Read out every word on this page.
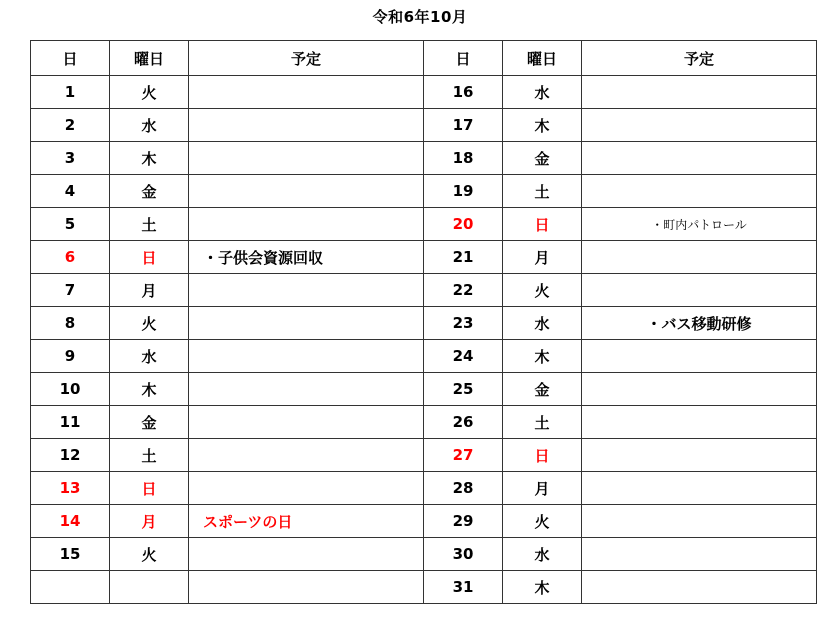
令和6年10月
日	曜日	予定	日	曜日	予定
1	火		16	水	
2	水		17	木	
3	木		18	金	
4	金		19	土	
5	土		20	日	・町内パトロール
6	日	・子供会資源回収	21	月	
7	月		22	火	
8	火		23	水	・バス移動研修
9	水		24	木	
10	木		25	金	
11	金		26	土	
12	土		27	日	
13	日		28	月	
14	月	スポーツの日	29	火	
15	火		30	水	
			31	木	
